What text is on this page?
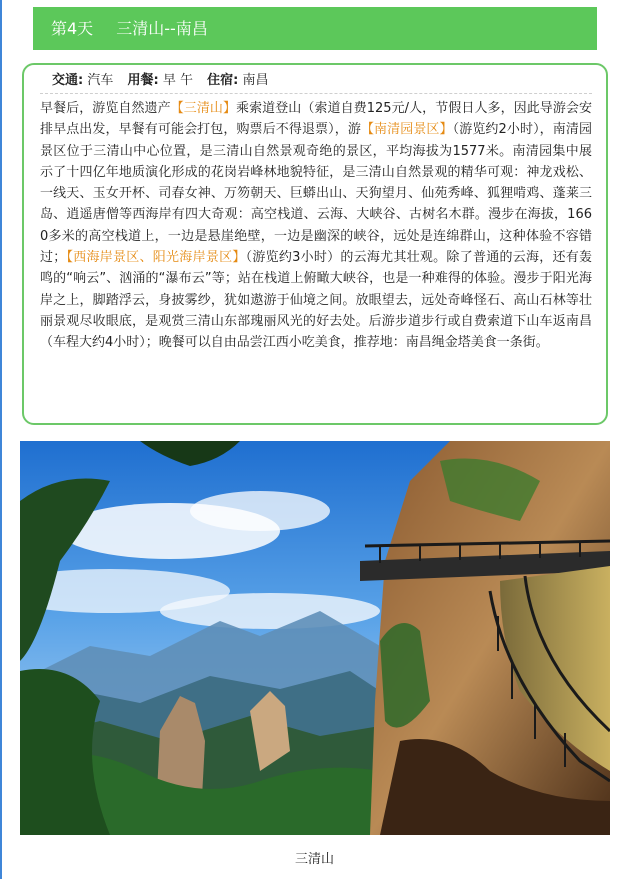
第4天 三清山--南昌
交通: 汽车 用餐: 早 午 住宿: 南昌
早餐后，游览自然遗产【三清山】乘索道登山（索道自费125元/人，节假日人多，因此导游会安排早点出发，早餐有可能会打包，购票后不得退票），游【南清园景区】（游览约2小时），南清园景区位于三清山中心位置，是三清山自然景观奇绝的景区，平均海拔为1577米。南清园集中展示了十四亿年地质演化形成的花岗岩峰林地貌特征，是三清山自然景观的精华可观：神龙戏松、一线天、玉女开杯、司春女神、万笏朝天、巨蟒出山、天狗望月、仙苑秀峰、狐狸啃鸡、蓬莱三岛、逍遥唐僧等西海岸有四大奇观：高空栈道、云海、大峡谷、古树名木群。漫步在海拔，1660多米的高空栈道上，一边是悬崖绝壁，一边是幽深的峡谷，远处是连绵群山，这种体验不容错过；【西海岸景区、阳光海岸景区】（游览约3小时）的云海尤其壮观。除了普通的云海，还有轰鸣的“响云”、汹涌的“瀑布云”等；站在栈道上俯瞰大峡谷，也是一种难得的体验。漫步于阳光海岸之上，脚踏浮云，身披雾纱，犹如遨游于仙境之间。放眼望去，远处奇峰怪石、高山石林等壮丽景观尽收眼底，是观赏三清山东部瑰丽风光的好去处。后游步道步行或自费索道下山车返南昌（车程大约4小时）；晚餐可以自由品尝江西小吃美食，推荐地：南昌绳金塔美食一条街。
三清山
